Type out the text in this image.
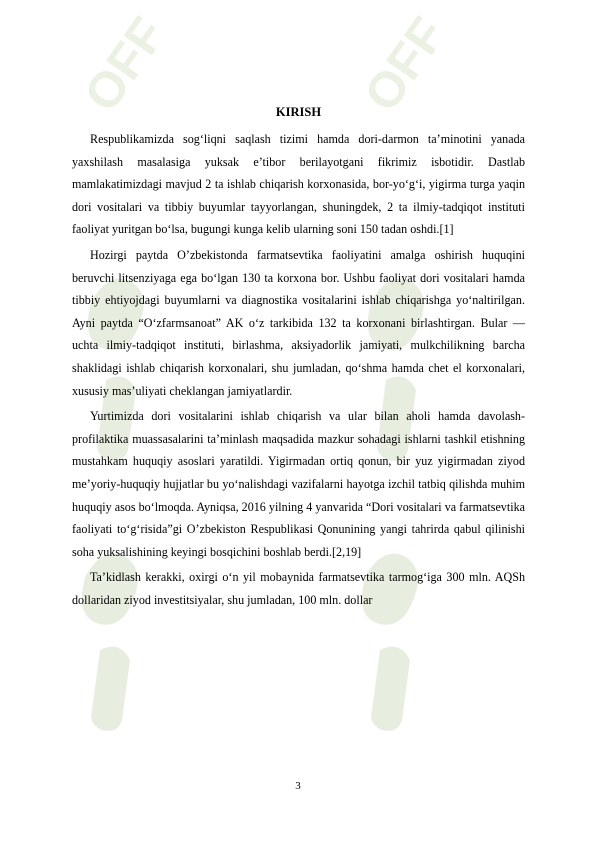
OFF	OFF
KIRISH

Respublikamizda sog‘liqni saqlash tizimi hamda dori-darmon ta’minotini yanada yaxshilash masalasiga yuksak e’tibor berilayotgani fikrimiz isbotidir. Dastlab mamlakatimizdagi mavjud 2 ta ishlab chiqarish korxonasida, bor-yo‘g‘i, yigirma turga yaqin dori vositalari va tibbiy buyumlar tayyorlangan, shuningdek, 2 ta ilmiy-tadqiqot instituti faoliyat yuritgan bo‘lsa, bugungi kunga kelib ularning soni 150 tadan oshdi.[1]

Hozirgi paytda O’zbekistonda farmatsevtika faoliyatini amalga oshirish huquqini beruvchi litsenziyaga ega bo‘lgan 130 ta korxona bor. Ushbu faoliyat dori vositalari hamda tibbiy ehtiyojdagi buyumlarni va diagnostika vositalarini ishlab chiqarishga yo‘naltirilgan. Ayni paytda “O‘zfarmsanoat” AK o‘z tarkibida 132 ta korxonani birlashtirgan. Bular — uchta ilmiy-tadqiqot instituti, birlashma, aksiyadorlik jamiyati, mulkchilikning barcha shaklidagi ishlab chiqarish korxonalari, shu jumladan, qo‘shma hamda chet el korxonalari, xususiy mas’uliyati cheklangan jamiyatlardir.

Yurtimizda dori vositalarini ishlab chiqarish va ular bilan aholi hamda davolash-profilaktika muassasalarini ta’minlash maqsadida mazkur sohadagi ishlarni tashkil etishning mustahkam huquqiy asoslari yaratildi. Yigirmadan ortiq qonun, bir yuz yigirmadan ziyod me’yoriy-huquqiy hujjatlar bu yo‘nalishdagi vazifalarni hayotga izchil tatbiq qilishda muhim huquqiy asos bo‘lmoqda. Ayniqsa, 2016 yilning 4 yanvarida “Dori vositalari va farmatsevtika faoliyati to‘g‘risida”gi O’zbekiston Respublikasi Qonunining yangi tahrirda qabul qilinishi soha yuksalishining keyingi bosqichini boshlab berdi.[2,19]

Ta’kidlash kerakki, oxirgi o‘n yil mobaynida farmatsevtika tarmog‘iga 300 mln. AQSh dollaridan ziyod investitsiyalar, shu jumladan, 100 mln. dollar

3
